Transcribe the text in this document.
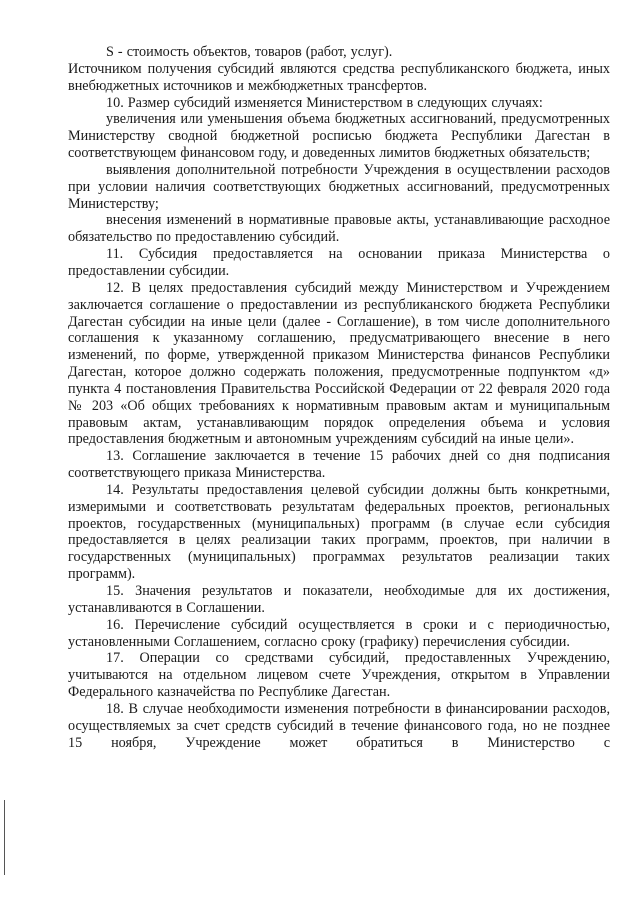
S - стоимость объектов, товаров (работ, услуг).

Источником получения субсидий являются средства республиканского бюджета, иных внебюджетных источников и межбюджетных трансфертов.

10. Размер субсидий изменяется Министерством в следующих случаях:

увеличения или уменьшения объема бюджетных ассигнований, предусмотренных Министерству сводной бюджетной росписью бюджета Республики Дагестан в соответствующем финансовом году, и доведенных лимитов бюджетных обязательств;

выявления дополнительной потребности Учреждения в осуществлении расходов при условии наличия соответствующих бюджетных ассигнований, предусмотренных Министерству;

внесения изменений в нормативные правовые акты, устанавливающие расходное обязательство по предоставлению субсидий.

11. Субсидия предоставляется на основании приказа Министерства о предоставлении субсидии.

12. В целях предоставления субсидий между Министерством и Учреждением заключается соглашение о предоставлении из республиканского бюджета Республики Дагестан субсидии на иные цели (далее - Соглашение), в том числе дополнительного соглашения к указанному соглашению, предусматривающего внесение в него изменений, по форме, утвержденной приказом Министерства финансов Республики Дагестан, которое должно содержать положения, предусмотренные подпунктом «д» пункта 4 постановления Правительства Российской Федерации от 22 февраля 2020 года № 203 «Об общих требованиях к нормативным правовым актам и муниципальным правовым актам, устанавливающим порядок определения объема и условия предоставления бюджетным и автономным учреждениям субсидий на иные цели».

13. Соглашение заключается в течение 15 рабочих дней со дня подписания соответствующего приказа Министерства.

14. Результаты предоставления целевой субсидии должны быть конкретными, измеримыми и соответствовать результатам федеральных проектов, региональных проектов, государственных (муниципальных) программ (в случае если субсидия предоставляется в целях реализации таких программ, проектов, при наличии в государственных (муниципальных) программах результатов реализации таких программ).

15. Значения результатов и показатели, необходимые для их достижения, устанавливаются в Соглашении.

16. Перечисление субсидий осуществляется в сроки и с периодичностью, установленными Соглашением, согласно сроку (графику) перечисления субсидии.

17. Операции со средствами субсидий, предоставленных Учреждению, учитываются на отдельном лицевом счете Учреждения, открытом в Управлении Федерального казначейства по Республике Дагестан.

18. В случае необходимости изменения потребности в финансировании расходов, осуществляемых за счет средств субсидий в течение финансового года, но не позднее 15 ноября, Учреждение может обратиться в Министерство с
